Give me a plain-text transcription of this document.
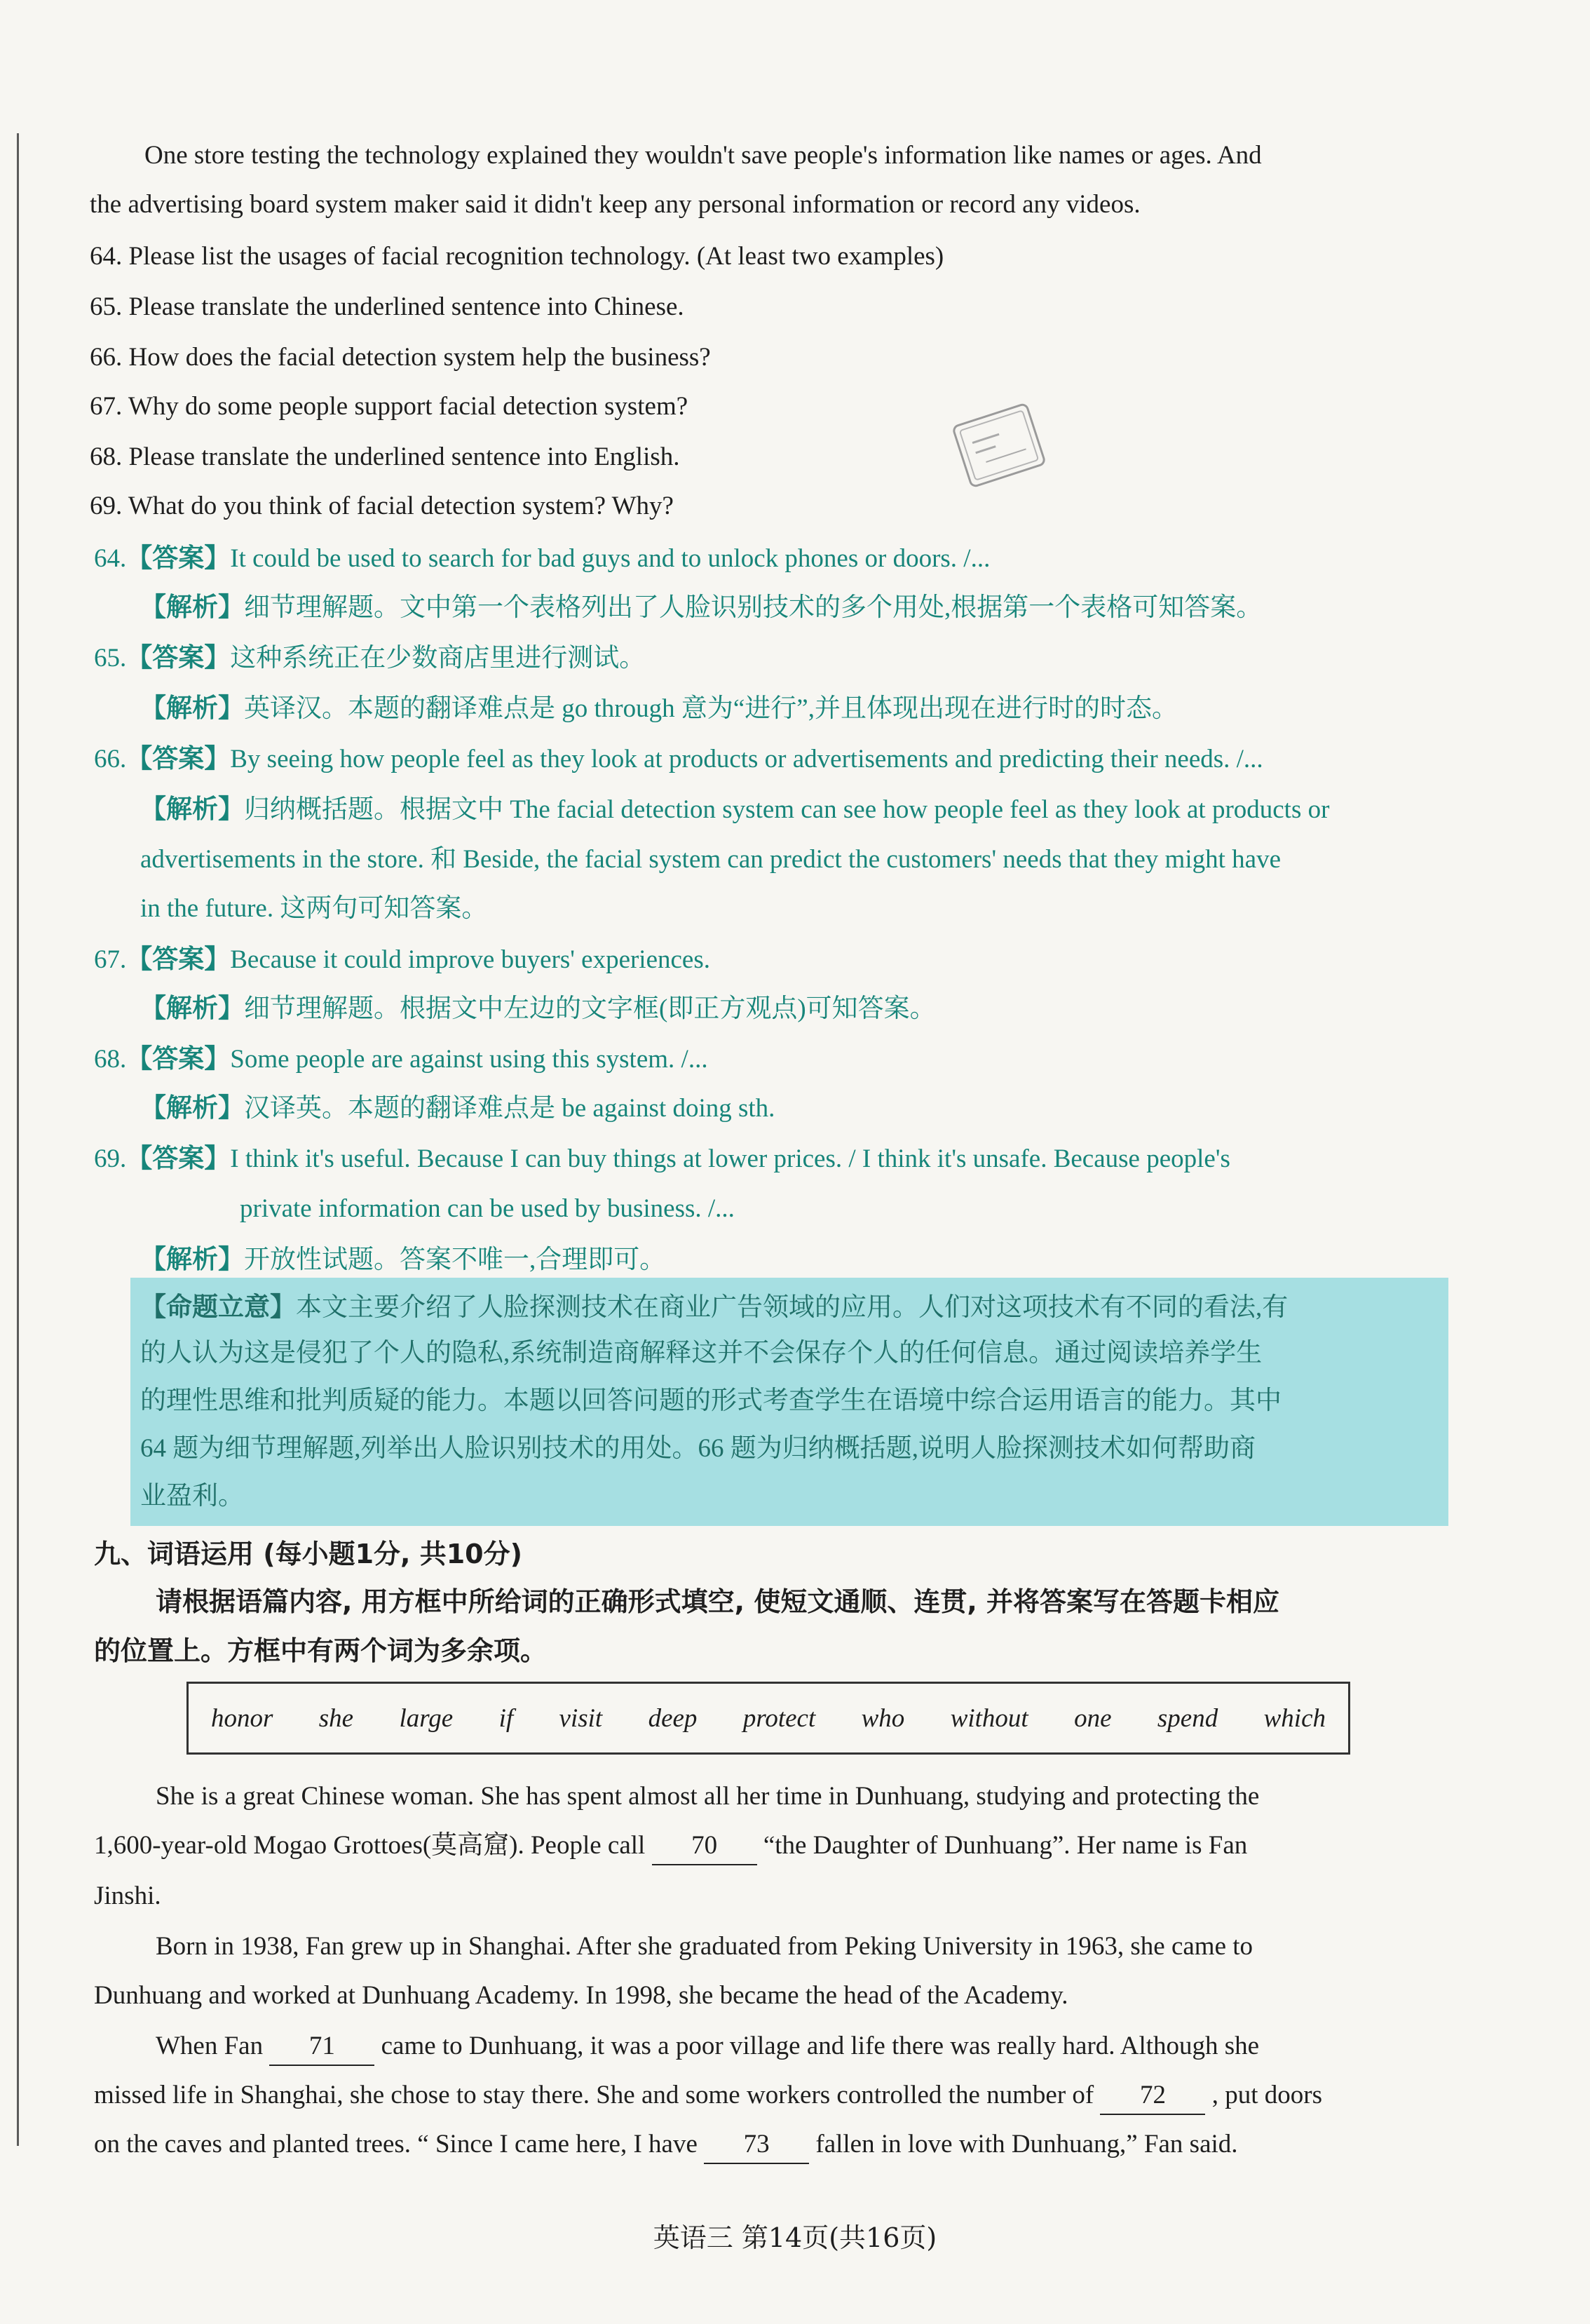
One store testing the technology explained they wouldn't save people's information like names or ages. And
the advertising board system maker said it didn't keep any personal information or record any videos.
64. Please list the usages of facial recognition technology. (At least two examples)
65. Please translate the underlined sentence into Chinese.
66. How does the facial detection system help the business?
67. Why do some people support facial detection system?
68. Please translate the underlined sentence into English.
69. What do you think of facial detection system? Why?
64.【答案】It could be used to search for bad guys and to unlock phones or doors. /...
【解析】细节理解题。文中第一个表格列出了人脸识别技术的多个用处,根据第一个表格可知答案。
65.【答案】这种系统正在少数商店里进行测试。
【解析】英译汉。本题的翻译难点是 go through 意为“进行”,并且体现出现在进行时的时态。
66.【答案】By seeing how people feel as they look at products or advertisements and predicting their needs. /...
【解析】归纳概括题。根据文中 The facial detection system can see how people feel as they look at products or
advertisements in the store. 和 Beside, the facial system can predict the customers' needs that they might have
in the future. 这两句可知答案。
67.【答案】Because it could improve buyers' experiences.
【解析】细节理解题。根据文中左边的文字框(即正方观点)可知答案。
68.【答案】Some people are against using this system. /...
【解析】汉译英。本题的翻译难点是 be against doing sth.
69.【答案】I think it's useful. Because I can buy things at lower prices. / I think it's unsafe. Because people's
private information can be used by business. /...
【解析】开放性试题。答案不唯一,合理即可。
【命题立意】本文主要介绍了人脸探测技术在商业广告领域的应用。人们对这项技术有不同的看法,有
的人认为这是侵犯了个人的隐私,系统制造商解释这并不会保存个人的任何信息。通过阅读培养学生
的理性思维和批判质疑的能力。本题以回答问题的形式考查学生在语境中综合运用语言的能力。其中
64 题为细节理解题,列举出人脸识别技术的用处。66 题为归纳概括题,说明人脸探测技术如何帮助商
业盈利。
九、词语运用 (每小题1分, 共10分)
请根据语篇内容, 用方框中所给词的正确形式填空, 使短文通顺、连贯, 并将答案写在答题卡相应
的位置上。方框中有两个词为多余项。
honor she large if visit deep protect who without one spend which
She is a great Chinese woman. She has spent almost all her time in Dunhuang, studying and protecting the
1,600-year-old Mogao Grottoes(莫高窟). People call 70 “the Daughter of Dunhuang”. Her name is Fan
Jinshi.
Born in 1938, Fan grew up in Shanghai. After she graduated from Peking University in 1963, she came to
Dunhuang and worked at Dunhuang Academy. In 1998, she became the head of the Academy.
When Fan 71 came to Dunhuang, it was a poor village and life there was really hard. Although she
missed life in Shanghai, she chose to stay there. She and some workers controlled the number of 72 , put doors
on the caves and planted trees. “ Since I came here, I have 73 fallen in love with Dunhuang,” Fan said.
英语三 第14页(共16页)
